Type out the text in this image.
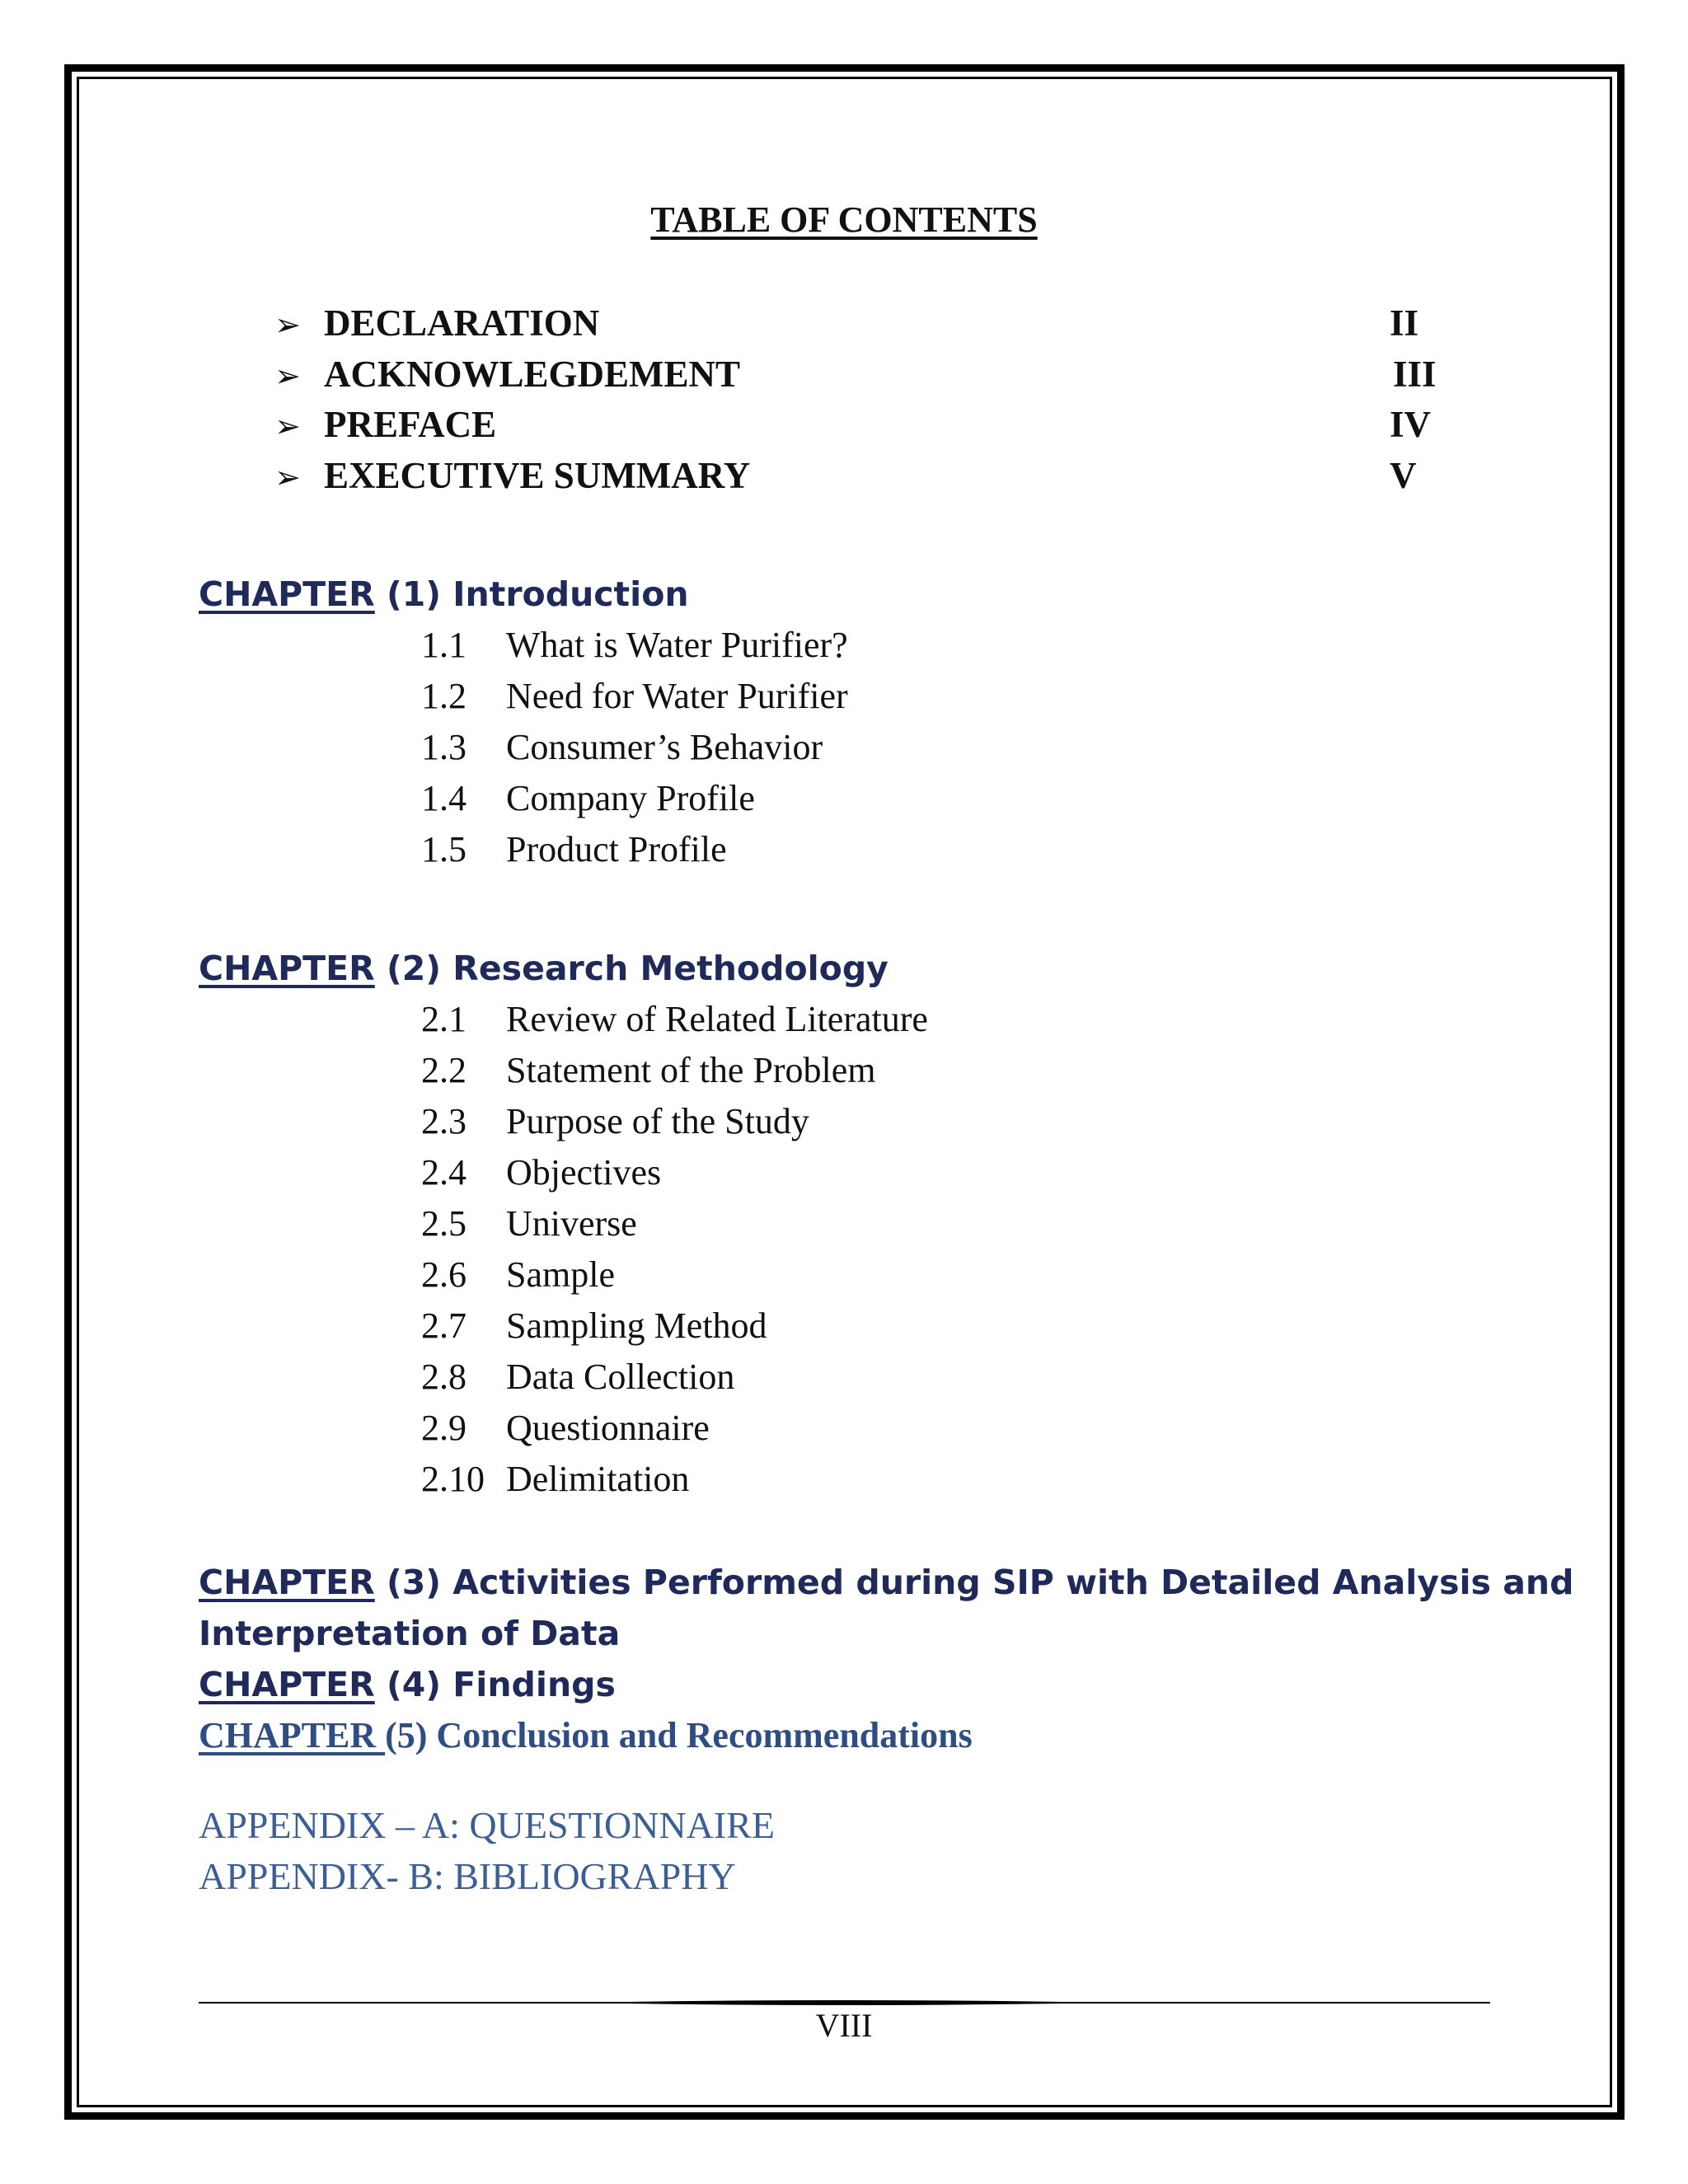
TABLE OF CONTENTS
➢ DECLARATION	II
➢ ACKNOWLEGDEMENT	III
➢ PREFACE	IV
➢ EXECUTIVE SUMMARY	V
CHAPTER (1) Introduction
1.1 What is Water Purifier?
1.2 Need for Water Purifier
1.3 Consumer’s Behavior
1.4 Company Profile
1.5 Product Profile
CHAPTER (2) Research Methodology
2.1 Review of Related Literature
2.2 Statement of the Problem
2.3 Purpose of the Study
2.4 Objectives
2.5 Universe
2.6 Sample
2.7 Sampling Method
2.8 Data Collection
2.9 Questionnaire
2.10 Delimitation
CHAPTER (3) Activities Performed during SIP with Detailed Analysis and
Interpretation of Data
CHAPTER (4) Findings
CHAPTER (5) Conclusion and Recommendations
APPENDIX – A: QUESTIONNAIRE
APPENDIX- B: BIBLIOGRAPHY
VIII
